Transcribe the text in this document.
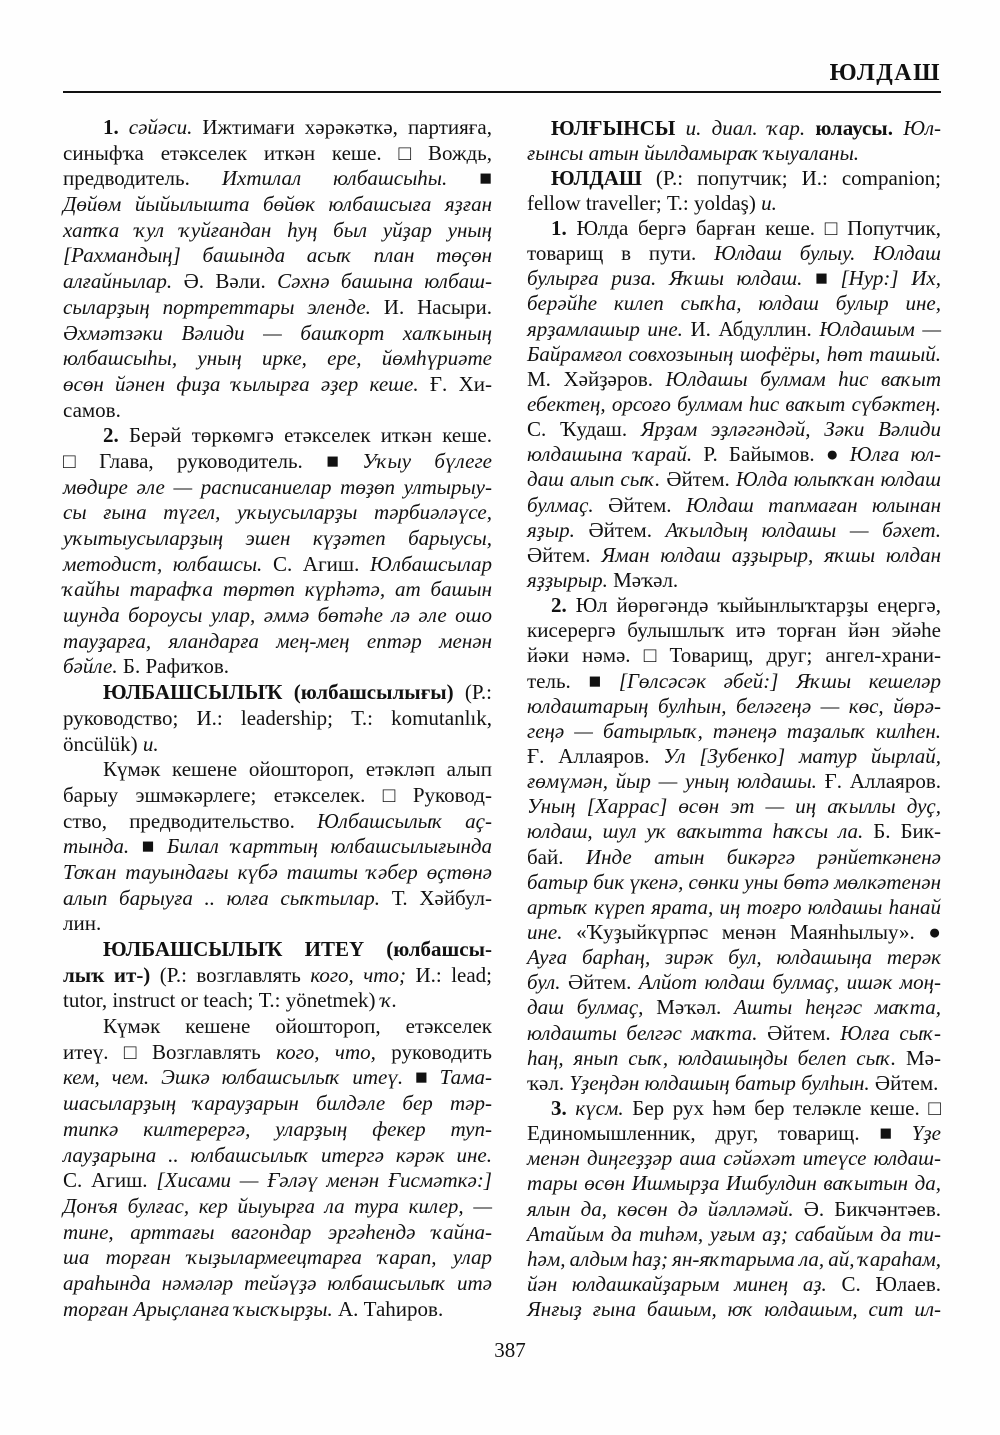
ЮЛДАШ
1. сәйәси. Ижтимағи хәрәкәткә, партияға,
синыфҡа етәкселек иткән кеше. □ Вождь,
предводитель. Ихтилал юлбашсыһы. ■
Дөйөм йыйылышта бөйөк юлбашсыға яҙған
хатҡа ҡул ҡуйғандан һуң был уйҙар уның
[Рахмандың] башында асыҡ план төҫөн
алғайнылар. Ә. Вәли. Сәхнә башына юлбаш-
сыларҙың портреттары эленде. И. Насыри.
Әхмәтзәки Вәлиди — башҡорт халҡының
юлбашсыһы, уның ирке, ере, йөмһүриәте
өсөн йәнен фиҙа ҡылырға әҙер кеше. Ғ. Хи-
самов.
2. Берәй төркөмгә етәкселек иткән кеше.
□ Глава, руководитель. ■ Уҡыу бүлеге
мөдире әле — расписаниелар төҙөп ултырыу-
сы ғына түгел, уҡыусыларҙы тәрбиәләүсе,
уҡытыусыларҙың эшен күҙәтеп барыусы,
методист, юлбашсы. С. Агиш. Юлбашсылар
ҡайһы тарафҡа төртөп күрһәтә, ат башын
шунда бороусы улар, әммә бөтәһе лә әле ошо
тауҙарға, яландарға мең-мең ептәр менән
бәйле. Б. Рафиҡов.
ЮЛБАШСЫЛЫҠ (юлбашсылығы) (Р.:
руководство; И.: leadership; Т.: komutanlık,
öncülük) и.
Күмәк кешене ойоштороп, етәкләп алып
барыу эшмәкәрлеге; етәкселек. □ Руковод-
ство, предводительство. Юлбашсылыҡ аҫ-
тында. ■ Билал ҡарттың юлбашсылығында
Тоҡан тауындағы күбә ташты ҡәбер өҫтөнә
алып барыуға .. юлға сыҡтылар. Т. Хәйбул-
лин.
ЮЛБАШСЫЛЫҠ ИТЕҮ (юлбашсы-
лыҡ ит-) (Р.: возглавлять кого, что; И.: lead;
tutor, instruct or teach; Т.: yönetmek) ҡ.
Күмәк кешене ойоштороп, етәкселек
итеү. □ Возглавлять кого, что, руководить
кем, чем. Эшкә юлбашсылыҡ итеү. ■ Тама-
шасыларҙың ҡарауҙарын билдәле бер тәр-
типкә килтерергә, уларҙың фекер туп-
лауҙарына .. юлбашсылыҡ итергә кәрәк ине.
С. Агиш. [Хисами — Ғәләү менән Ғисмәткә:]
Донъя булғас, кер йыуырға ла тура килер, —
тине, арттағы вагондар эргәһендә ҡайна-
ша торған ҡыҙылармеецтарға ҡарап, улар
араһында нәмәләр тейәүҙә юлбашсылыҡ итә
торған Арыҫланға ҡысҡырҙы. А. Таһиров.
ЮЛҒЫНСЫ и. диал. ҡар. юлаусы. Юл-
ғынсы атын йылдамыраҡ ҡыуаланы.
ЮЛДАШ (Р.: попутчик; И.: companion;
fellow traveller; Т.: yoldaş) и.
1. Юлда бергә барған кеше. □ Попутчик,
товарищ в пути. Юлдаш булыу. Юлдаш
булырға риза. Яҡшы юлдаш. ■ [Нур:] Их,
берәйһе килеп сыҡһа, юлдаш булыр ине,
ярҙамлашыр ине. И. Абдуллин. Юлдашым —
Байрамғол совхозының шофёры, һөт ташый.
М. Хәйҙәров. Юлдашы булмам һис ваҡыт
ебектең, орсоғо булмам һис ваҡыт сүбәктең.
С. Ҡудаш. Ярҙам эҙләгәндәй, Зәки Вәлиди
юлдашына ҡарай. Р. Байымов. ● Юлға юл-
даш алып сыҡ. Әйтем. Юлда юлыҡҡан юлдаш
булмаҫ. Әйтем. Юлдаш тапмаған юлынан
яҙыр. Әйтем. Аҡылдың юлдашы — бәхет.
Әйтем. Яман юлдаш аҙҙырыр, яҡшы юлдан
яҙҙырыр. Мәҡәл.
2. Юл йөрөгәндә ҡыйынлыҡтарҙы еңергә,
кисерергә булышлыҡ итә торған йән эйәһе
йәки нәмә. □ Товарищ, друг; ангел-храни-
тель. ■ [Гөлсәсәк әбей:] Яҡшы кешеләр
юлдаштарың булһын, беләгеңә — көс, йөрә-
геңә — батырлыҡ, тәнеңә таҙалыҡ килһен.
Ғ. Аллаяров. Ул [Зубенко] матур йырлай,
ғөмүмән, йыр — уның юлдашы. Ғ. Аллаяров.
Уның [Харрас] өсөн эт — иң аҡыллы дуҫ,
юлдаш, шул уҡ ваҡытта һаҡсы ла. Б. Бик-
бай. Инде атын бикәргә рәнйеткәненә
батыр бик үкенә, сөнки уны бөтә мөлкәтенән
артыҡ күреп ярата, иң тоғро юлдашы һанай
ине. «Ҡуҙыйкүрпәс менән Маянһылыу». ●
Ауға барһаң, зирәк бул, юлдашыңа терәк
бул. Әйтем. Алйот юлдаш булмаҫ, ишәк моң-
даш булмаҫ, Мәҡәл. Ашты һеңгәс маҡта,
юлдашты белгәс маҡта. Әйтем. Юлға сыҡ-
һаң, янып сыҡ, юлдашыңды белеп сыҡ. Мә-
ҡәл. Үҙеңдән юлдашың батыр булһын. Әйтем.
3. күсм. Бер рух һәм бер теләкле кеше. □
Единомышленник, друг, товарищ. ■ Үҙе
менән диңгеҙҙәр аша сәйәхәт итеүсе юлдаш-
тары өсөн Ишмырҙа Ишбулдин ваҡытын да,
ялын да, көсөн дә йәлләмәй. Ә. Бикчәнтәев.
Атайым да тиһәм, уғым аҙ; сабайым да ти-
һәм, алдым һаҙ; ян-яҡтарыма ла, ай, ҡараһам,
йән юлдашкайҙарым минең аҙ. С. Юлаев.
Янғыҙ ғына башым, юҡ юлдашым, сит ил-
387
